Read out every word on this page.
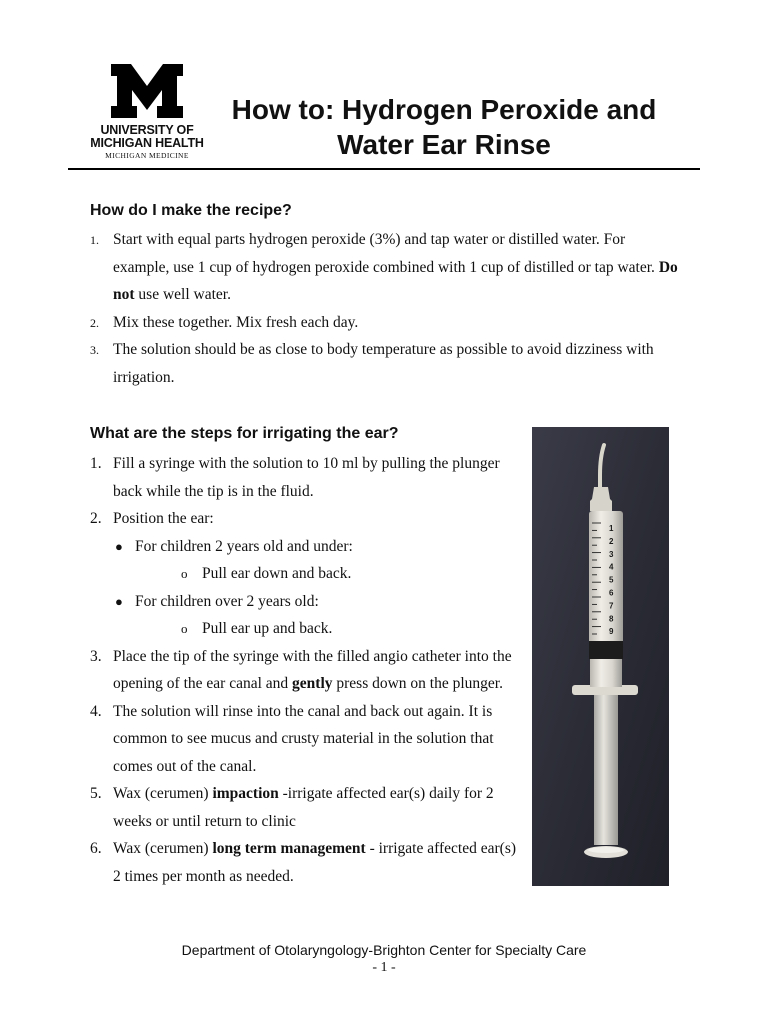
UNIVERSITY OF
MICHIGAN HEALTH
MICHIGAN MEDICINE
How to: Hydrogen Peroxide and
Water Ear Rinse
How do I make the recipe?
1. Start with equal parts hydrogen peroxide (3%) and tap water or distilled water. For example, use 1 cup of hydrogen peroxide combined with 1 cup of distilled or tap water. Do not use well water.
2. Mix these together. Mix fresh each day.
3. The solution should be as close to body temperature as possible to avoid dizziness with irrigation.
What are the steps for irrigating the ear?
1. Fill a syringe with the solution to 10 ml by pulling the plunger back while the tip is in the fluid.
2. Position the ear:
● For children 2 years old and under:
o Pull ear down and back.
● For children over 2 years old:
o Pull ear up and back.
3. Place the tip of the syringe with the filled angio catheter into the opening of the ear canal and gently press down on the plunger.
4. The solution will rinse into the canal and back out again. It is common to see mucus and crusty material in the solution that comes out of the canal.
5. Wax (cerumen) impaction -irrigate affected ear(s) daily for 2 weeks or until return to clinic
6. Wax (cerumen) long term management - irrigate affected ear(s) 2 times per month as needed.
1
2
3
4
5
6
7
8
9
Department of Otolaryngology-Brighton Center for Specialty Care
- 1 -
